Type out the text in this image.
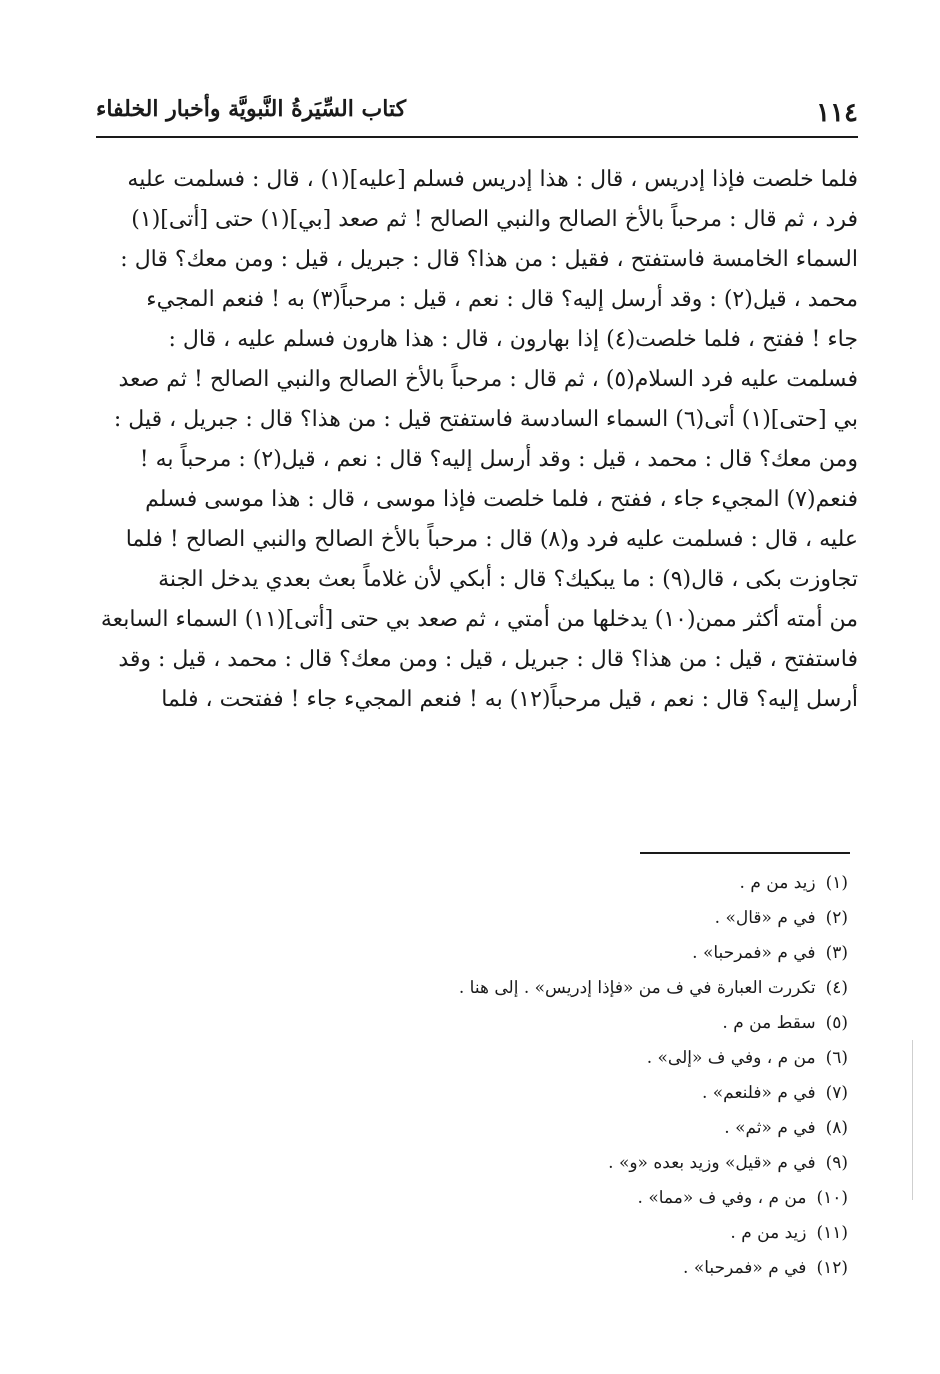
١١٤
كتاب السِّيَرةُ النَّبويَّة وأخبار الخلفاء
فلما خلصت فإذا إدريس ، قال : هذا إدريس فسلم [عليه](١) ، قال : فسلمت عليه
فرد ، ثم قال : مرحباً بالأخ الصالح والنبي الصالح ! ثم صعد [بي](١) حتى [أتى](١)
السماء الخامسة فاستفتح ، فقيل : من هذا؟ قال : جبريل ، قيل : ومن معك؟ قال :
محمد ، قيل(٢) : وقد أرسل إليه؟ قال : نعم ، قيل : مرحباً(٣) به ! فنعم المجيء
جاء ! ففتح ، فلما خلصت(٤) إذا بهارون ، قال : هذا هارون فسلم عليه ، قال :
فسلمت عليه فرد السلام(٥) ، ثم قال : مرحباً بالأخ الصالح والنبي الصالح ! ثم صعد
بي [حتى](١) أتى(٦) السماء السادسة فاستفتح قيل : من هذا؟ قال : جبريل ، قيل :
ومن معك؟ قال : محمد ، قيل : وقد أرسل إليه؟ قال : نعم ، قيل(٢) : مرحباً به !
فنعم(٧) المجيء جاء ، ففتح ، فلما خلصت فإذا موسى ، قال : هذا موسى فسلم
عليه ، قال : فسلمت عليه فرد و(٨) قال : مرحباً بالأخ الصالح والنبي الصالح ! فلما
تجاوزت بكى ، قال(٩) : ما يبكيك؟ قال : أبكي لأن غلاماً بعث بعدي يدخل الجنة
من أمته أكثر ممن(١٠) يدخلها من أمتي ، ثم صعد بي حتى [أتى](١١) السماء السابعة
فاستفتح ، قيل : من هذا؟ قال : جبريل ، قيل : ومن معك؟ قال : محمد ، قيل : وقد
أرسل إليه؟ قال : نعم ، قيل مرحباً(١٢) به ! فنعم المجيء جاء ! ففتحت ، فلما
(١)زيد من م .
(٢)في م «قال» .
(٣)في م «فمرحبا» .
(٤)تكررت العبارة في ف من «فإذا إدريس» . إلى هنا .
(٥)سقط من م .
(٦)من م ، وفي ف «إلى» .
(٧)في م «فلنعم» .
(٨)في م «ثم» .
(٩)في م «قيل» وزيد بعده «و» .
(١٠)من م ، وفي ف «مما» .
(١١)زيد من م .
(١٢)في م «فمرحبا» .
